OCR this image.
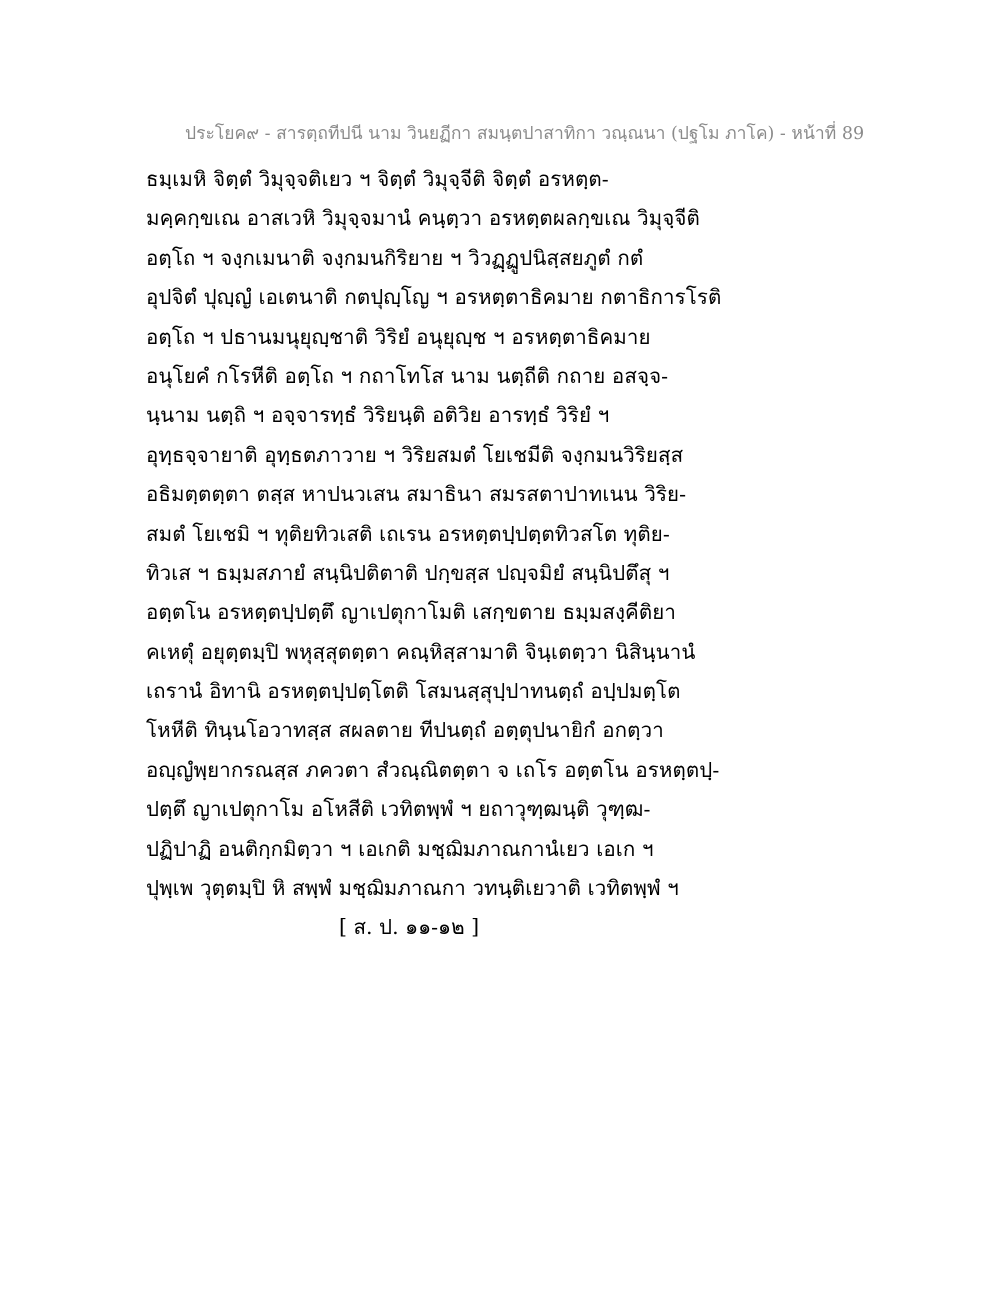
ประโยค๙ - สารตฺถทีปนี นาม วินยฏีกา สมนฺตปาสาทิกา วณฺณนา (ปฐโม ภาโค) - หน้าที่ 89
ธมฺเมหิ จิตฺตํ วิมุจฺจติเยว ฯ จิตฺตํ วิมุจฺจีติ จิตฺตํ อรหตฺต-
มคฺคกฺขเณ อาสเวหิ วิมุจฺจมานํ คนฺตฺวา อรหตฺตผลกฺขเณ วิมุจฺจีติ
อตฺโถ ฯ จงฺกเมนาติ จงฺกมนกิริยาย ฯ วิวฏฺฏูปนิสฺสยภูตํ กตํ
อุปจิตํ ปุญฺญํ เอเตนาติ กตปุญฺโญ ฯ อรหตฺตาธิคมาย กตาธิการโรติ
อตฺโถ ฯ ปธานมนุยุญฺชาติ วิริยํ อนุยุญฺช ฯ อรหตฺตาธิคมาย
อนุโยคํ กโรหีติ อตฺโถ ฯ กถาโทโส นาม นตฺถีติ กถาย อสจฺจ-
นฺนาม นตฺถิ ฯ อจฺจารทฺธํ วิริยนฺติ อติวิย อารทฺธํ วิริยํ ฯ
อุทฺธจฺจายาติ อุทฺธตภาวาย ฯ วิริยสมตํ โยเชมีติ จงฺกมนวิริยสฺส
อธิมตฺตตฺตา ตสฺส หาปนวเสน สมาธินา สมรสตาปาทเนน วิริย-
สมตํ โยเชมิ ฯ ทุติยทิวเสติ เถเรน อรหตฺตปฺปตฺตทิวสโต ทุติย-
ทิวเส ฯ ธมฺมสภายํ สนฺนิปติตาติ ปกฺขสฺส ปญฺจมิยํ สนฺนิปตึสุ ฯ
อตฺตโน อรหตฺตปฺปตฺตึ ญาเปตุกาโมติ เสกฺขตาย ธมฺมสงฺคีติยา
คเหตุํ อยุตฺตมฺปิ พหุสฺสุตตฺตา คณฺหิสฺสามาติ จินฺเตตฺวา นิสินฺนานํ
เถรานํ อิทานิ อรหตฺตปฺปตฺโตติ โสมนสฺสุปฺปาทนตฺถํ อปฺปมตฺโต
โหหีติ ทินฺนโอวาทสฺส สผลตาย ทีปนตฺถํ อตฺตุปนายิกํ อกตฺวา
อญฺญํพฺยากรณสฺส ภควตา สํวณฺณิตตฺตา จ เถโร อตฺตโน อรหตฺตปฺ-
ปตฺตึ ญาเปตุกาโม อโหสีติ เวทิตพฺพํ ฯ ยถาวุฑฺฒนฺติ วุฑฺฒ-
ปฏิปาฏิ อนติกฺกมิตฺวา ฯ เอเกติ มชฺฌิมภาณกานํเยว เอเก ฯ
ปุพฺเพ วุตฺตมฺปิ หิ สพฺพํ มชฺฌิมภาณกา วทนฺติเยวาติ เวทิตพฺพํ ฯ
[ ส. ป. ๑๑-๑๒ ]
